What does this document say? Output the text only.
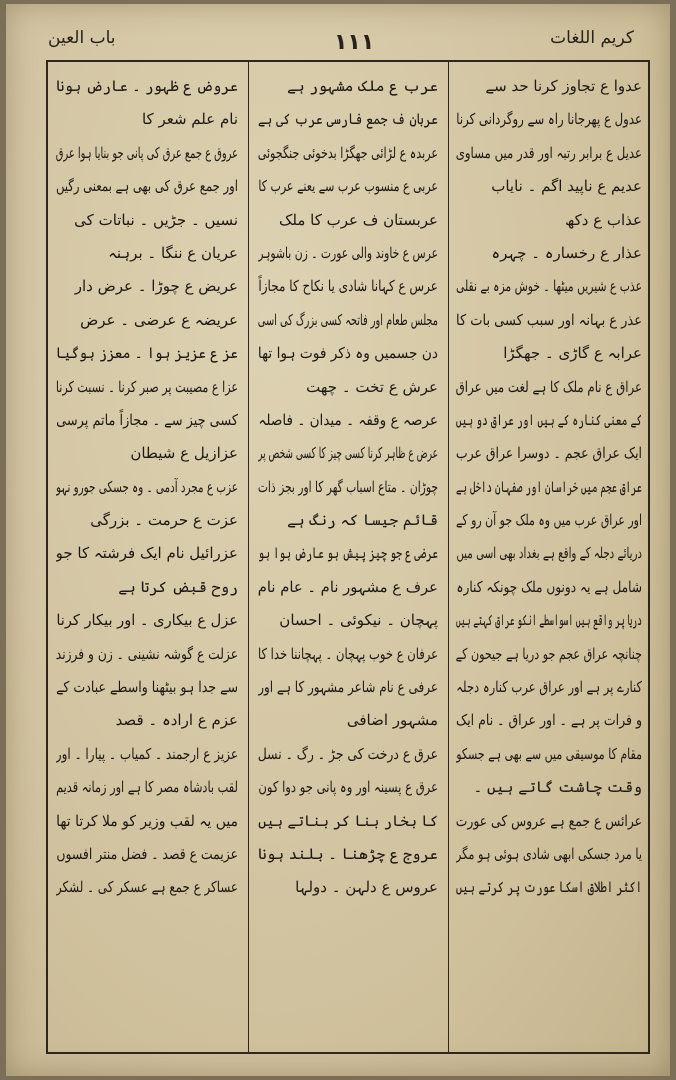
کریم اللغات
۱۱۱
باب العین
عدوا ع تجاوز کرنا حد سے
عدول ع پھرجانا راہ سے روگردانی کرنا
عدیل ع برابر رتبہ اور قدر میں مساوی
عدیم ع ناپید اگم ۔ نایاب
عذاب ع دکھ
عذار ع رخسارہ ۔ چہرہ
عذب ع شیریں میٹھا ۔ خوش مزہ بے نقلی
عذر ع بہانہ اور سبب کسی بات کا
عرابہ ع گاڑی ۔ جھگڑا
عراق ع نام ملک کا ہے لغت میں عراق
کے معنی کنارہ کے ہیں اور عراق دو ہیں
ایک عراق عجم ۔ دوسرا عراق عرب
عراق عجم میں خراسان اور صفہان داخل ہے
اور عراق عرب میں وہ ملک جو آن رو کے
دریائے دجلہ کے واقع ہے بغداد بھی اسی میں
شامل ہے یہ دونوں ملک چونکہ کنارہ
دریا پر واقع ہیں اسواسطے انکو عراق کہتے ہیں
چنانچہ عراق عجم جو دریا ہے جیحون کے
کنارے پر ہے اور عراق عرب کنارہ دجلہ
و فرات پر ہے ۔ اور عراق ۔ نام ایک
مقام کا موسیقی میں سے بھی ہے جسکو
وقت چاشت گاتے ہیں ۔
عرائس ع جمع ہے عروس کی عورت
یا مرد جسکی ابھی شادی ہوئی ہو مگر
اکثر اطلاق اسکا عورت پر کرتے ہیں
عرب ع ملک مشہور ہے
عربان ف جمع فارسی عرب کی ہے
عربدہ ع لڑائی جھگڑا بدخوئی جنگجوئی
عربی ع منسوب عرب سے یعنے عرب کا
عربستان ف عرب کا ملک
عرس ع خاوند والی عورت ۔ زن باشوہر
عرس ع کہانا شادی یا نکاح کا مجازاً
مجلس طعام اور فاتحہ کسی بزرگ کی اسی
دن جسمیں وہ ذکر فوت ہوا تھا
عرش ع تخت ۔ چھت
عرصہ ع وقفہ ۔ میدان ۔ فاصلہ
عرض ع ظاہر کرنا کسی چیز کا کسی شخص پر
چوڑان ۔ متاع اسباب گھر کا اور بجز ذات
قائم جیسا کہ رنگ ہے
عرضی ع جو چیز پیش ہو عارض ہوا ہو
عرف ع مشہور نام ۔ عام نام
پہچان ۔ نیکوئی ۔ احسان
عرفان ع خوب پہچان ۔ پہچاننا خدا کا
عرفی ع نام شاعر مشہور کا ہے اور
مشہور اضافی
عرق ع درخت کی جڑ ۔ رگ ۔ نسل
عرق ع پسینہ اور وہ پانی جو دوا کون
کا بخار بنا کر بناتے ہیں
عروج ع چڑھنا ۔ بلند ہونا
عروس ع دلہن ۔ دولہا
عروض ع ظہور ۔ عارض ہونا
نام علم شعر کا
عروق ع جمع عرق کی پانی جو بنایا ہوا عرق
اور جمع عرق کی بھی ہے بمعنی رگیں
نسیں ۔ جڑیں ۔ نباتات کی
عریان ع ننگا ۔ برہنہ
عریض ع چوڑا ۔ عرض دار
عریضہ ع عرضی ۔ عرض
عز ع عزیز ہوا ۔ معزز ہوگیا
عزا ع مصیبت پر صبر کرنا ۔ نسبت کرنا
کسی چیز سے ۔ مجازاً ماتم پرسی
عزازیل ع شیطان
عزب ع مجرد آدمی ۔ وہ جسکی جورو نہو
عزت ع حرمت ۔ بزرگی
عزرائیل نام ایک فرشتہ کا جو
روح قبض کرتا ہے
عزل ع بیکاری ۔ اور بیکار کرنا
عزلت ع گوشہ نشینی ۔ زن و فرزند
سے جدا ہو بیٹھنا واسطے عبادت کے
عزم ع ارادہ ۔ قصد
عزیز ع ارجمند ۔ کمیاب ۔ پیارا ۔ اور
لقب بادشاہ مصر کا ہے اور زمانہ قدیم
میں یہ لقب وزیر کو ملا کرتا تھا
عزیمت ع قصد ۔ فضل منتر افسوں
عساکر ع جمع ہے عسکر کی ۔ لشکر
